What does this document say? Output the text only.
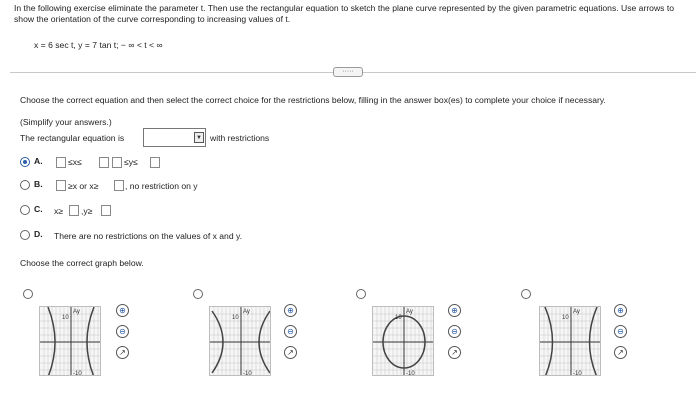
In the following exercise eliminate the parameter t. Then use the rectangular equation to sketch the plane curve represented by the given parametric equations. Use arrows to show the orientation of the curve corresponding to increasing values of t.
x = 6 sec t, y = 7 tan t; − ∞ < t < ∞
·····
Choose the correct equation and then select the correct choice for the restrictions below, filling in the answer box(es) to complete your choice if necessary.
(Simplify your answers.)
The rectangular equation is	▼ with restrictions
A.	≤x≤	≤y≤
B.	≥x or x≥	, no restriction on y
C. x≥ ,y≥
D. There are no restrictions on the values of x and y.
Choose the correct graph below.
Ay
10
-10
⊕
⊖
↗
Ay
10
-10
⊕
⊖
↗
Ay
10
-10
⊕
⊖
↗
Ay
10
-10
⊕
⊖
↗
